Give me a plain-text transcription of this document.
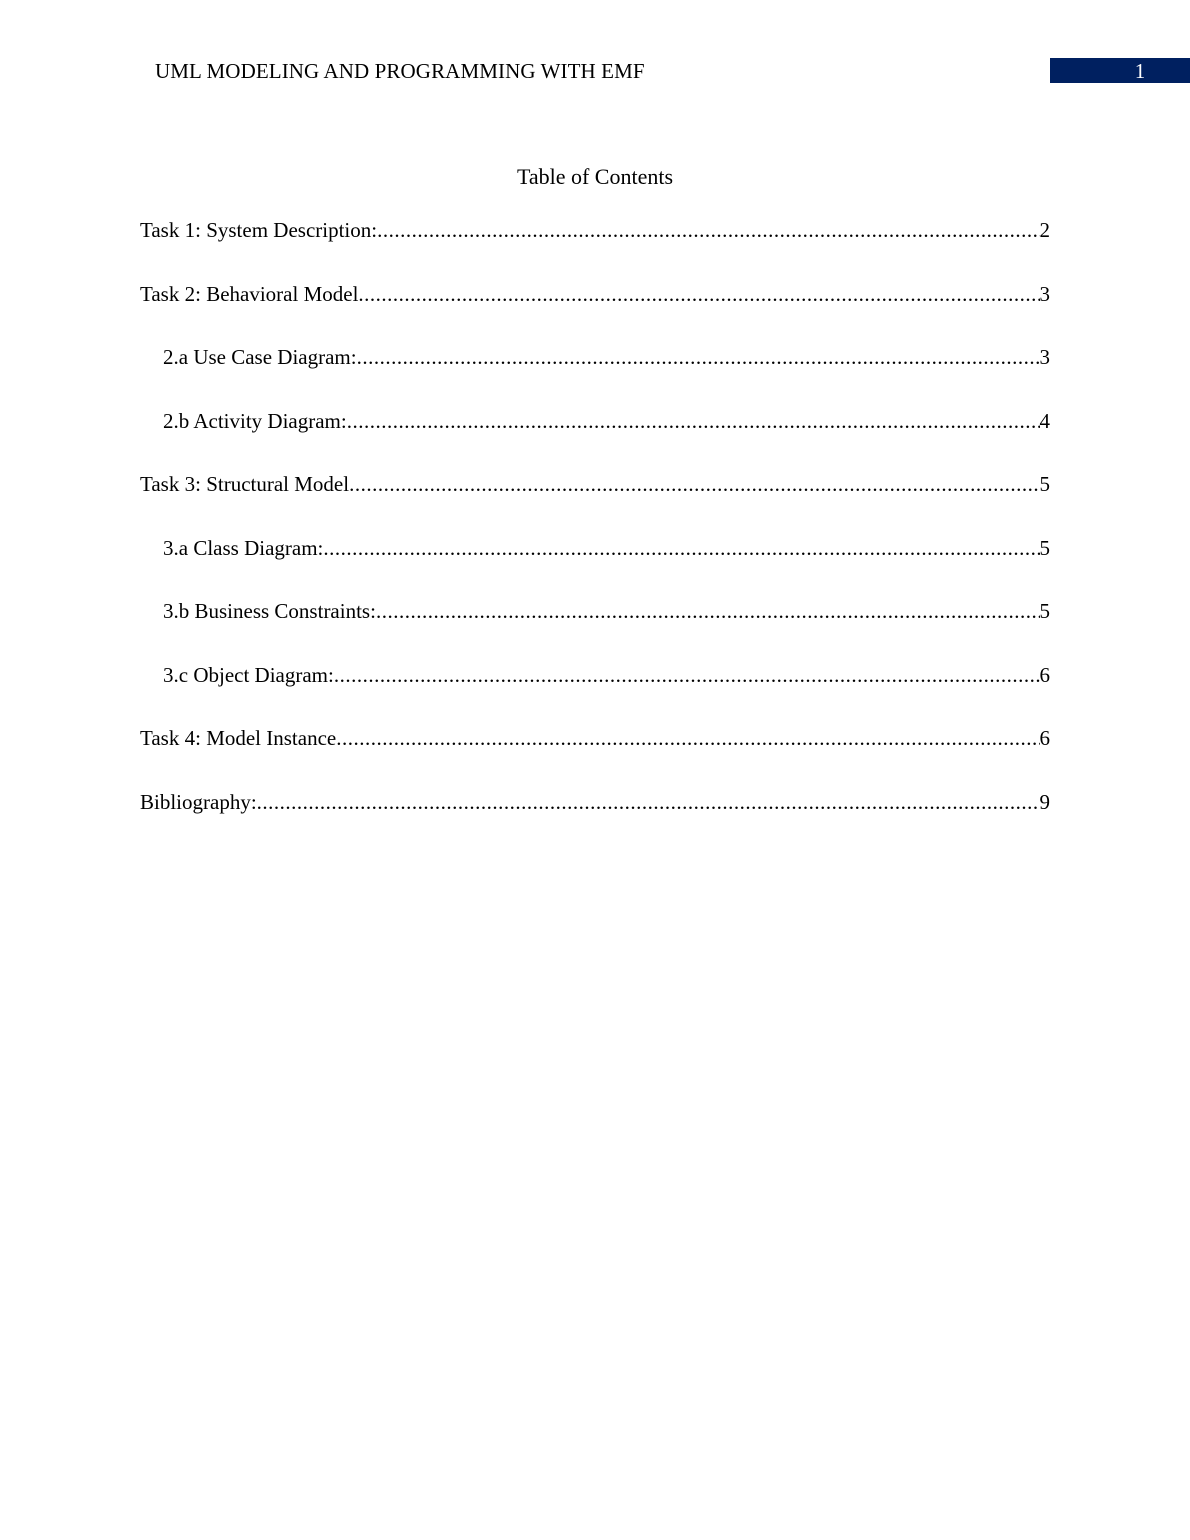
UML MODELING AND PROGRAMMING WITH EMF	1
Table of Contents
Task 1: System Description: .....	2
Task 2: Behavioral Model .....	3
2.a Use Case Diagram: .....	3
2.b Activity Diagram: .....	4
Task 3: Structural Model .....	5
3.a Class Diagram: .....	5
3.b Business Constraints: .....	5
3.c Object Diagram: .....	6
Task 4: Model Instance .....	6
Bibliography: .....	9
